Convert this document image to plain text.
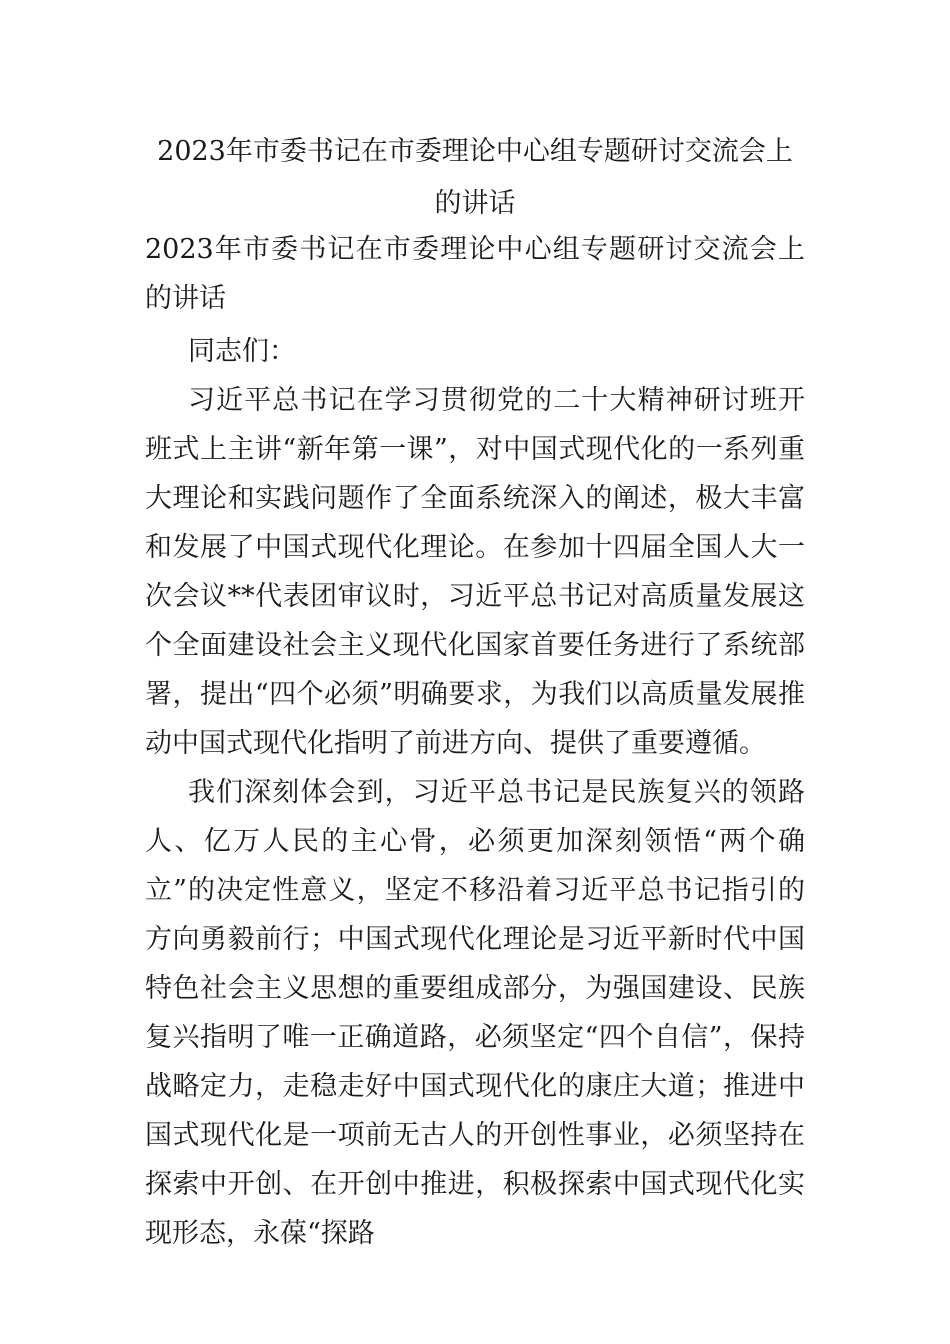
2023年市委书记在市委理论中心组专题研讨交流会上的讲话
2023年市委书记在市委理论中心组专题研讨交流会上的讲话

同志们：

习近平总书记在学习贯彻党的二十大精神研讨班开班式上主讲“新年第一课”，对中国式现代化的一系列重大理论和实践问题作了全面系统深入的阐述，极大丰富和发展了中国式现代化理论。在参加十四届全国人大一次会议**代表团审议时，习近平总书记对高质量发展这个全面建设社会主义现代化国家首要任务进行了系统部署，提出“四个必须”明确要求，为我们以高质量发展推动中国式现代化指明了前进方向、提供了重要遵循。

我们深刻体会到，习近平总书记是民族复兴的领路人、亿万人民的主心骨，必须更加深刻领悟“两个确立”的决定性意义，坚定不移沿着习近平总书记指引的方向勇毅前行；中国式现代化理论是习近平新时代中国特色社会主义思想的重要组成部分，为强国建设、民族复兴指明了唯一正确道路，必须坚定“四个自信”，保持战略定力，走稳走好中国式现代化的康庄大道；推进中国式现代化是一项前无古人的开创性事业，必须坚持在探索中开创、在开创中推进，积极探索中国式现代化实现形态，永葆“探路
